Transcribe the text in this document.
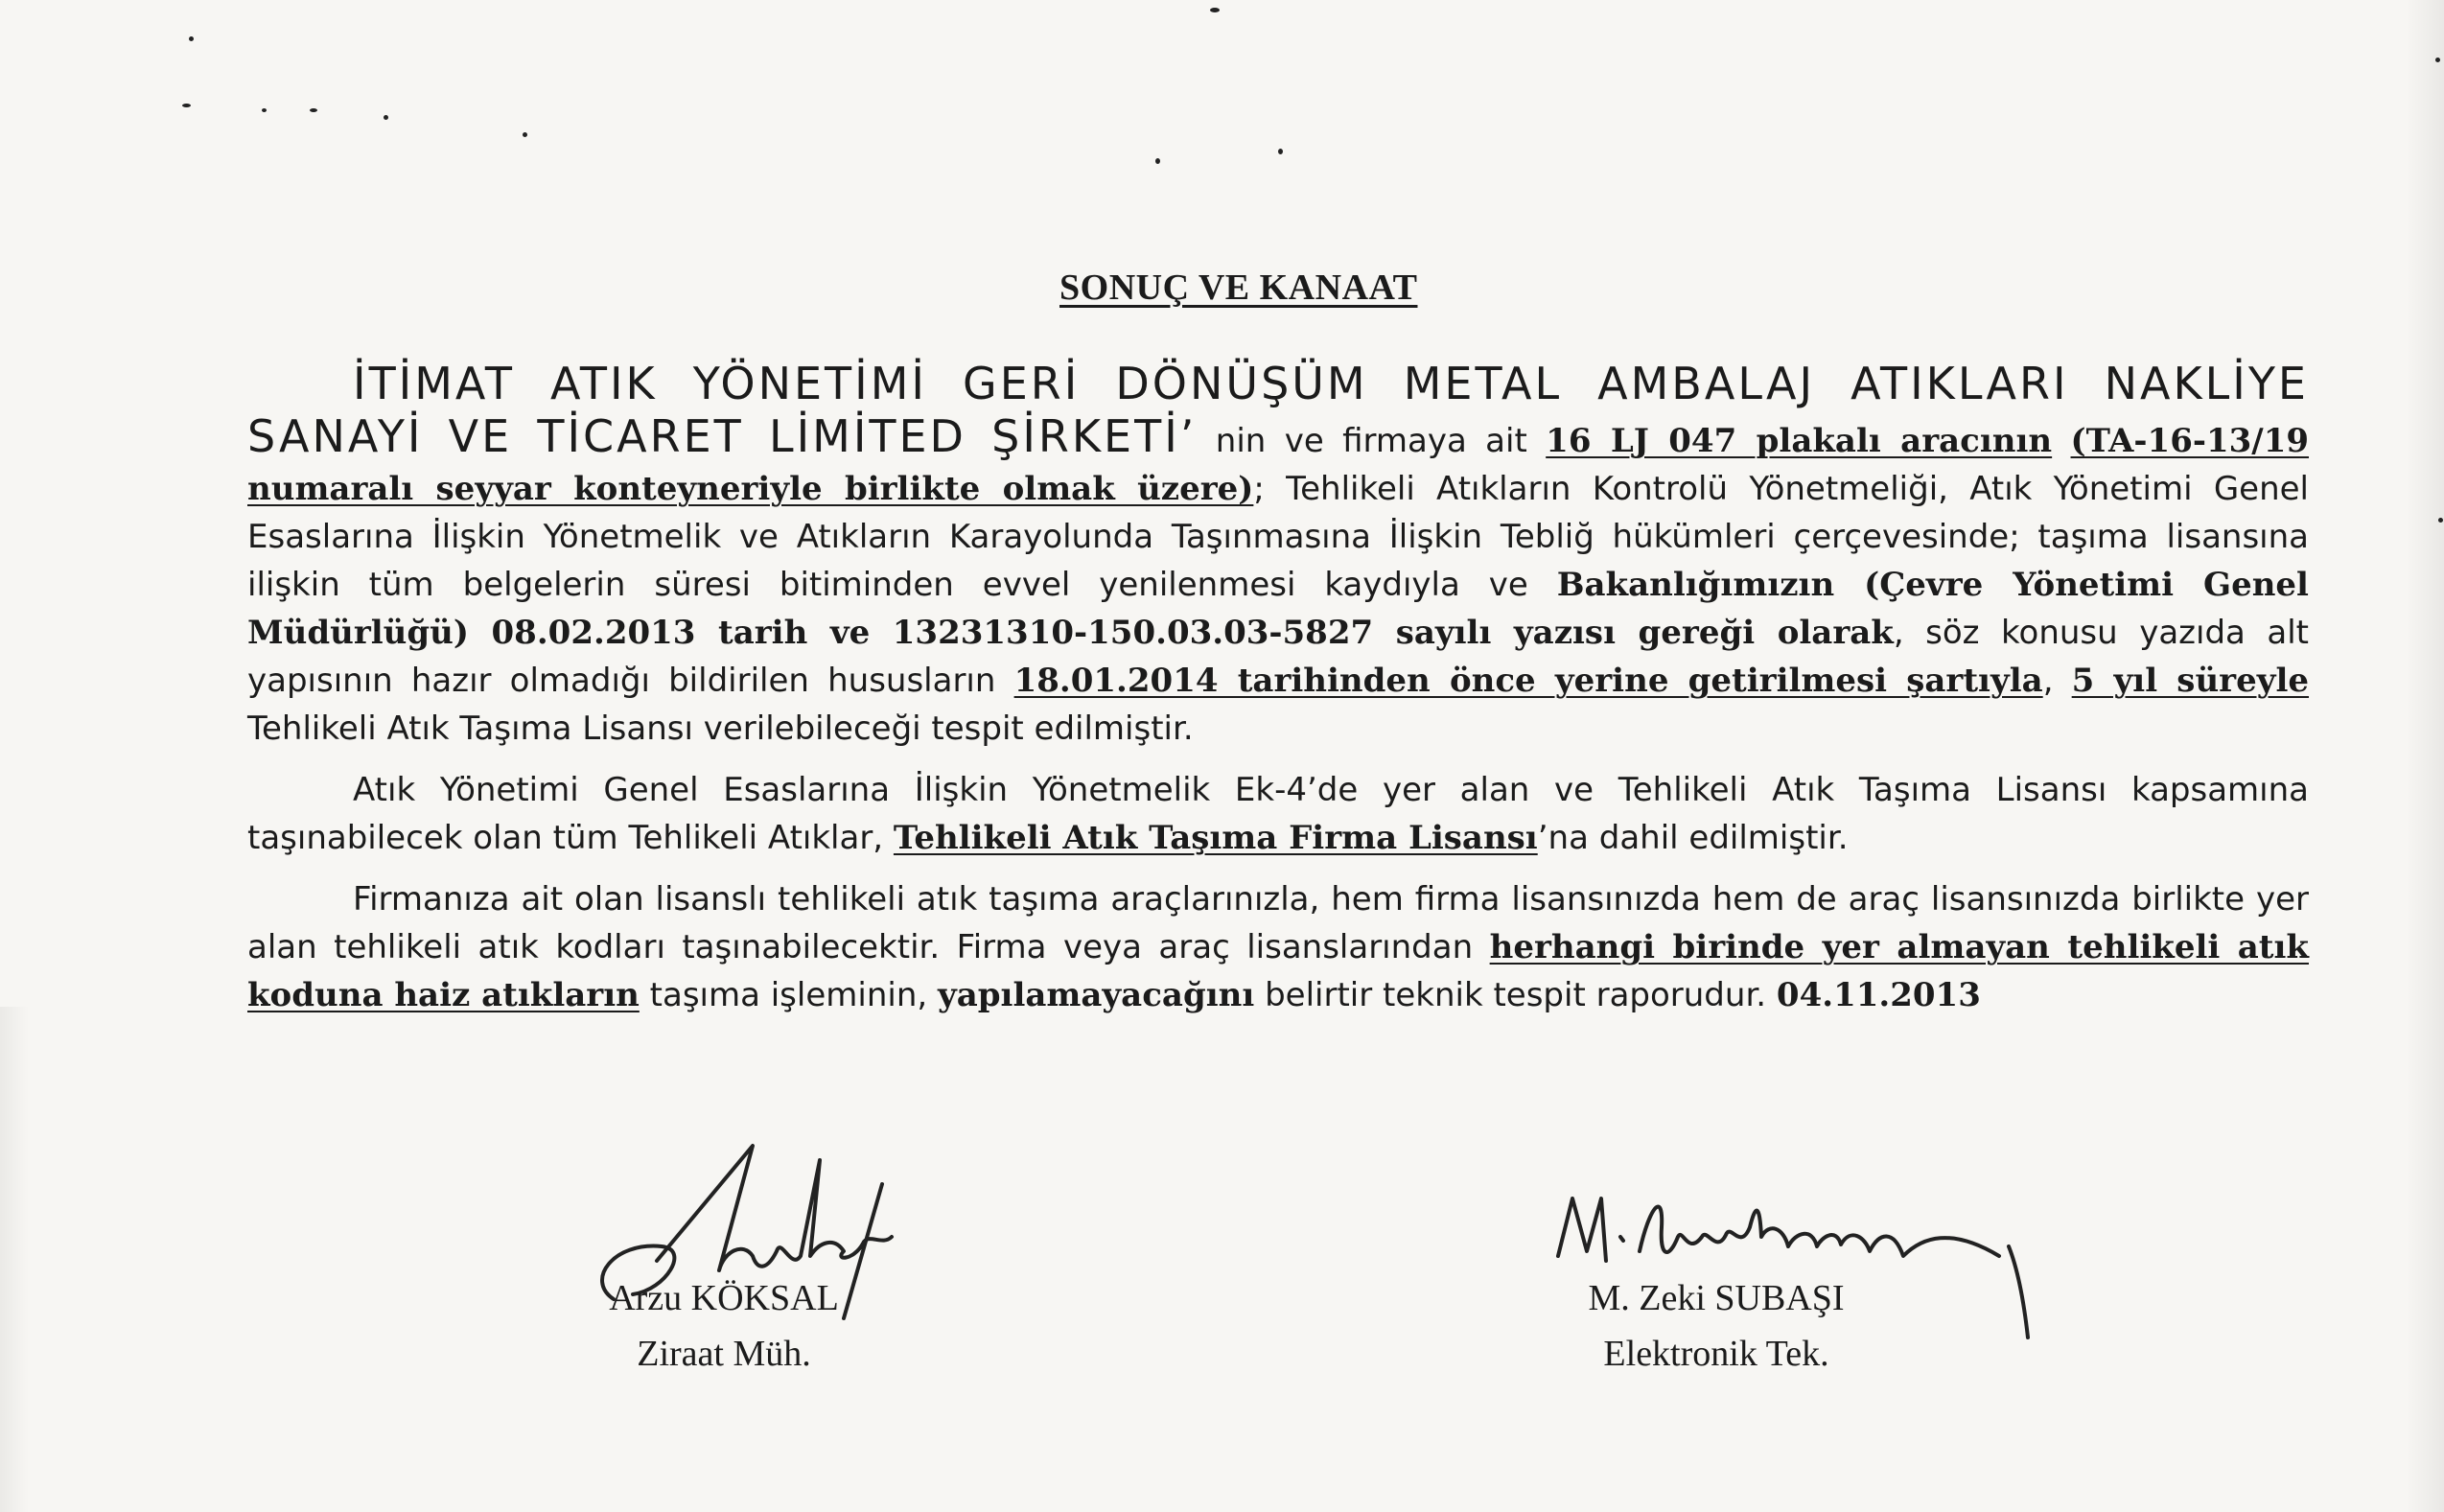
SONUÇ VE KANAAT

İTİMAT ATIK YÖNETİMİ GERİ DÖNÜŞÜM METAL AMBALAJ ATIKLARI NAKLİYE SANAYİ VE TİCARET LİMİTED ŞİRKETİ’ nin ve firmaya ait 16 LJ 047 plakalı aracının (TA-16-13/19 numaralı seyyar konteyneriyle birlikte olmak üzere); Tehlikeli Atıkların Kontrolü Yönetmeliği, Atık Yönetimi Genel Esaslarına İlişkin Yönetmelik ve Atıkların Karayolunda Taşınmasına İlişkin Tebliğ hükümleri çerçevesinde; taşıma lisansına ilişkin tüm belgelerin süresi bitiminden evvel yenilenmesi kaydıyla ve Bakanlığımızın (Çevre Yönetimi Genel Müdürlüğü) 08.02.2013 tarih ve 13231310-150.03.03-5827 sayılı yazısı gereği olarak, söz konusu yazıda alt yapısının hazır olmadığı bildirilen hususların 18.01.2014 tarihinden önce yerine getirilmesi şartıyla, 5 yıl süreyle Tehlikeli Atık Taşıma Lisansı verilebileceği tespit edilmiştir.

Atık Yönetimi Genel Esaslarına İlişkin Yönetmelik Ek-4’de yer alan ve Tehlikeli Atık Taşıma Lisansı kapsamına taşınabilecek olan tüm Tehlikeli Atıklar, Tehlikeli Atık Taşıma Firma Lisansı’na dahil edilmiştir.

Firmanıza ait olan lisanslı tehlikeli atık taşıma araçlarınızla, hem firma lisansınızda hem de araç lisansınızda birlikte yer alan tehlikeli atık kodları taşınabilecektir. Firma veya araç lisanslarından herhangi birinde yer almayan tehlikeli atık koduna haiz atıkların taşıma işleminin, yapılamayacağını belirtir teknik tespit raporudur. 04.11.2013

Arzu KÖKSAL
Ziraat Müh.
M. Zeki SUBAŞI
Elektronik Tek.
